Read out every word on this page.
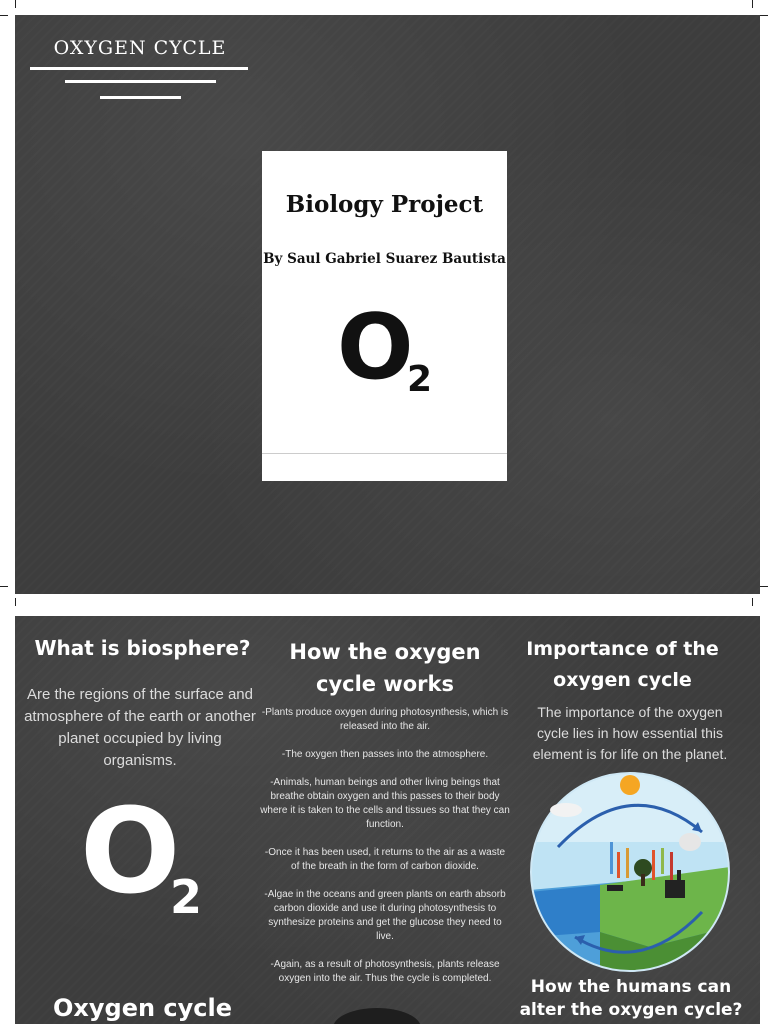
OXYGEN CYCLE
Biology Project
By Saul Gabriel Suarez Bautista
O
2
What is biosphere?
Are the regions of the surface and atmosphere of the earth or another planet occupied by living organisms.
O
2
Oxygen cycle
How the oxygen cycle works

-Plants produce oxygen during photosynthesis, which is released into the air.

-The oxygen then passes into the atmosphere.

-Animals, human beings and other living beings that breathe obtain oxygen and this passes to their body where it is taken to the cells and tissues so that they can function.

-Once it has been used, it returns to the air as a waste of the breath in the form of carbon dioxide.

-Algae in the oceans and green plants on earth absorb carbon dioxide and use it during photosynthesis to synthesize proteins and get the glucose they need to live.

-Again, as a result of photosynthesis, plants release oxygen into the air. Thus the cycle is completed.

Importance of the oxygen cycle
The importance of the oxygen cycle lies in how essential this element is for life on the planet.
How the humans can alter the oxygen cycle?
